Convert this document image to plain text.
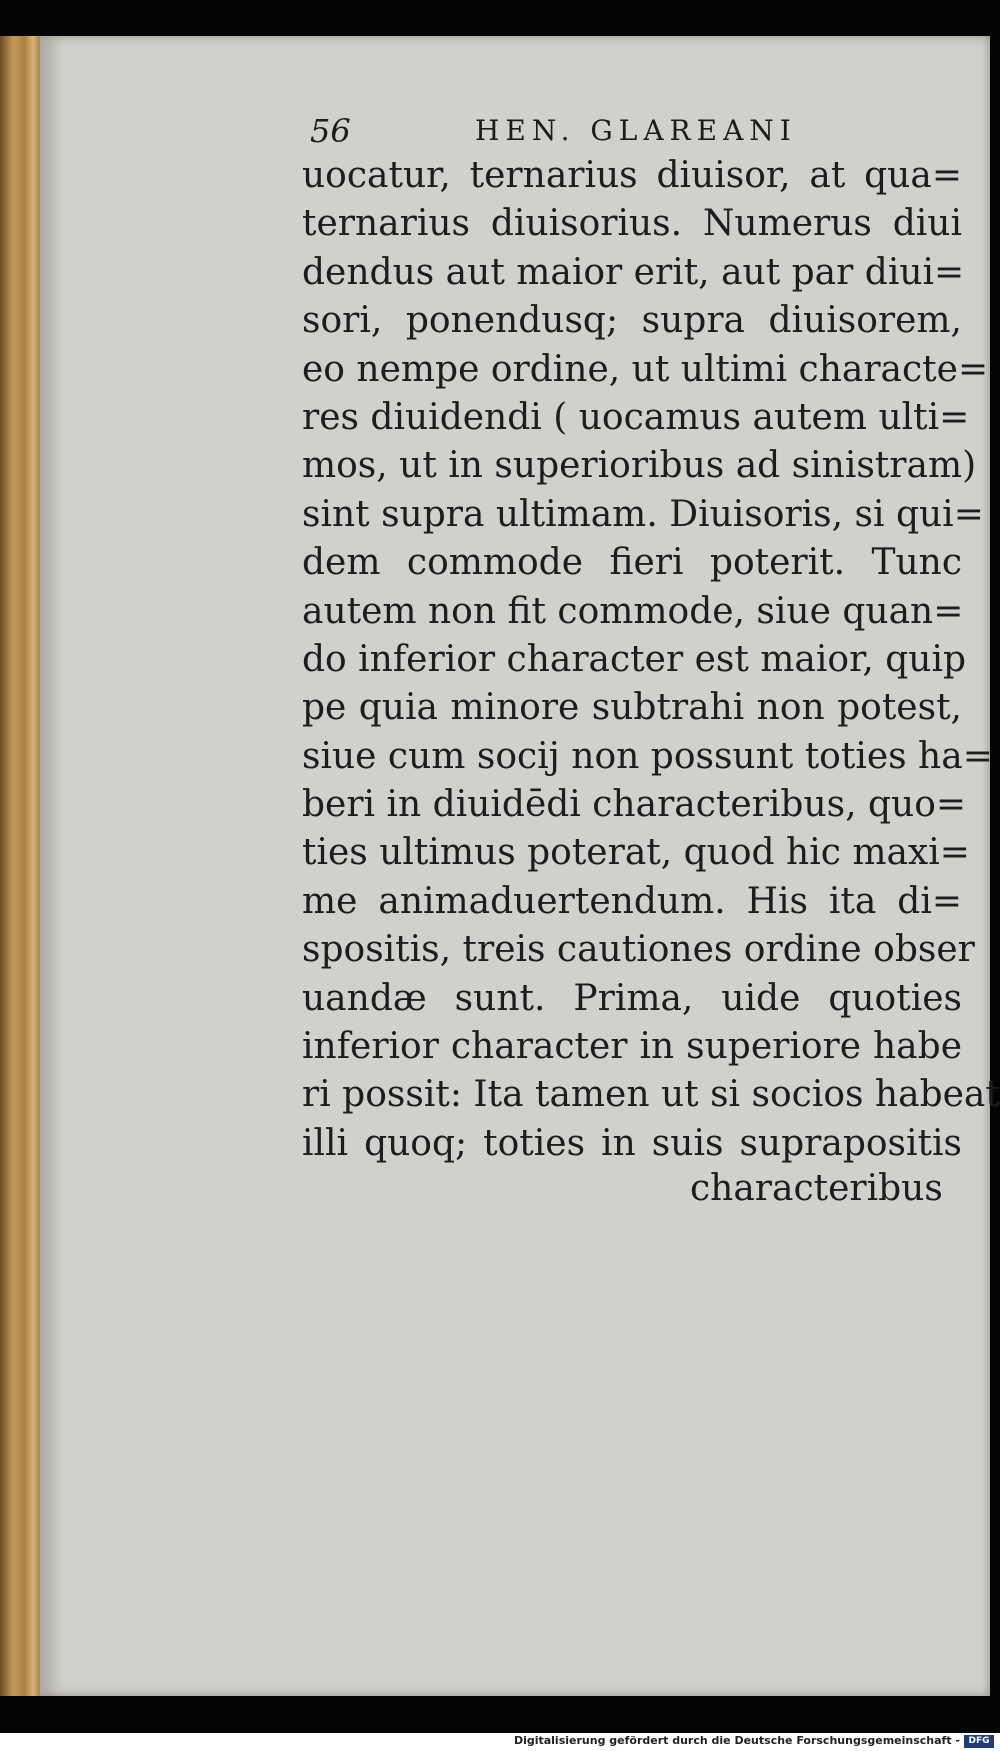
56	HEN. GLAREANI
uocatur, ternarius diuisor, at qua=
ternarius diuisorius. Numerus diui
dendus aut maior erit, aut par diui=
sori, ponendusq; supra diuisorem,
eo nempe ordine, ut ultimi characte=
res diuidendi ( uocamus autem ulti=
mos, ut in superioribus ad sinistram)
sint supra ultimam. Diuisoris, si qui=
dem commode fieri poterit. Tunc
autem non fit commode, siue quan=
do inferior character est maior, quip
pe quia minore subtrahi non potest,
siue cum socij non possunt toties ha=
beri in diuidēdi characteribus, quo=
ties ultimus poterat, quod hic maxi=
me animaduertendum. His ita di=
spositis, treis cautiones ordine obser
uandæ sunt. Prima, uide quoties
inferior character in superiore habe
ri possit: Ita tamen ut si socios habeat
illi quoq; toties in suis suprapositis
characteribus
Digitalisierung gefördert durch die Deutsche Forschungsgemeinschaft - DFG
